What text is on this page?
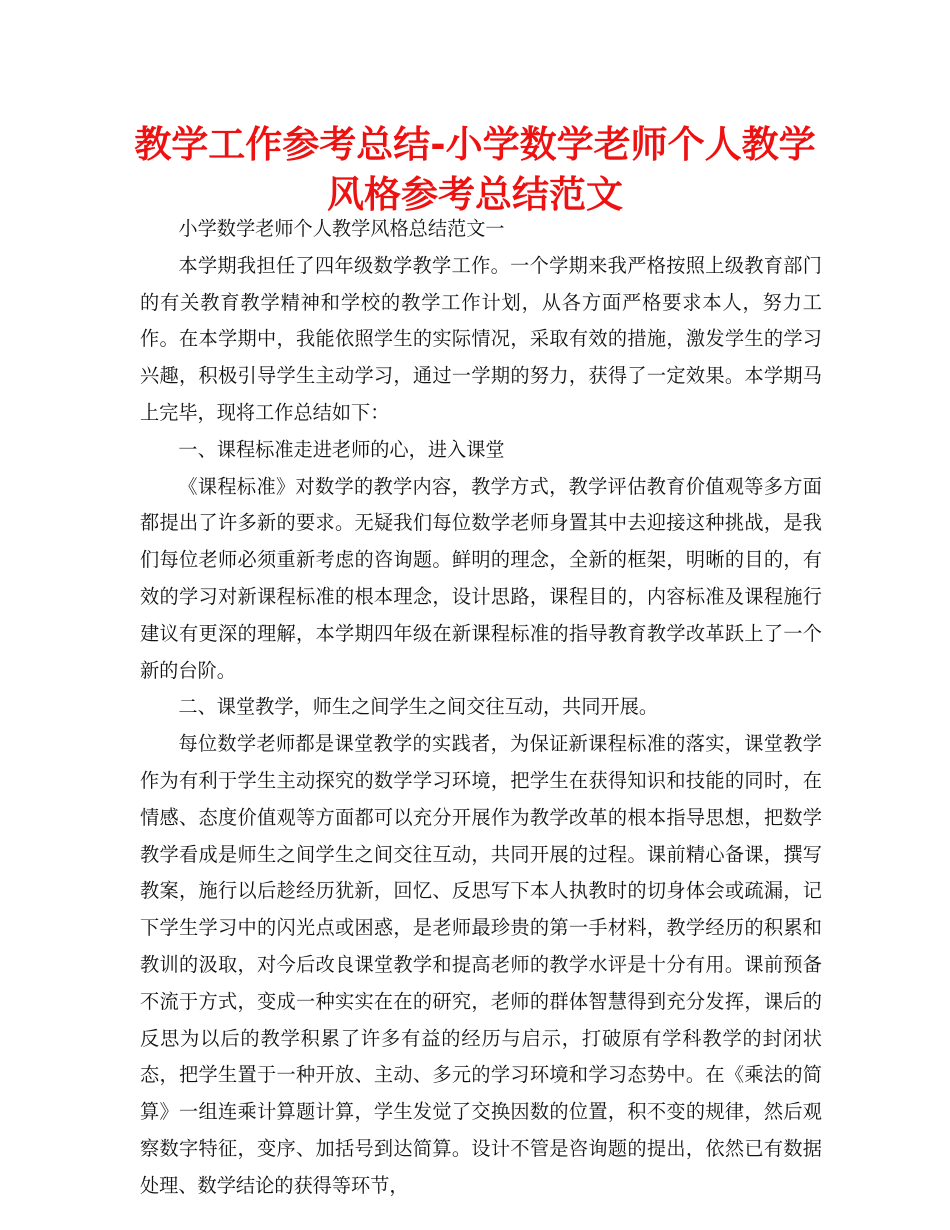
教学工作参考总结-小学数学老师个人教学风格参考总结范文

小学数学老师个人教学风格总结范文一

本学期我担任了四年级数学教学工作。一个学期来我严格按照上级教育部门的有关教育教学精神和学校的教学工作计划，从各方面严格要求本人，努力工作。在本学期中，我能依照学生的实际情况，采取有效的措施，激发学生的学习兴趣，积极引导学生主动学习，通过一学期的努力，获得了一定效果。本学期马上完毕，现将工作总结如下：

一、课程标准走进老师的心，进入课堂

《课程标准》对数学的教学内容，教学方式，教学评估教育价值观等多方面都提出了许多新的要求。无疑我们每位数学老师身置其中去迎接这种挑战，是我们每位老师必须重新考虑的咨询题。鲜明的理念，全新的框架，明晰的目的，有效的学习对新课程标准的根本理念，设计思路，课程目的，内容标准及课程施行建议有更深的理解，本学期四年级在新课程标准的指导教育教学改革跃上了一个新的台阶。

二、课堂教学，师生之间学生之间交往互动，共同开展。

每位数学老师都是课堂教学的实践者，为保证新课程标准的落实，课堂教学作为有利于学生主动探究的数学学习环境，把学生在获得知识和技能的同时，在情感、态度价值观等方面都可以充分开展作为教学改革的根本指导思想，把数学教学看成是师生之间学生之间交往互动，共同开展的过程。课前精心备课，撰写教案，施行以后趁经历犹新，回忆、反思写下本人执教时的切身体会或疏漏，记下学生学习中的闪光点或困惑，是老师最珍贵的第一手材料，教学经历的积累和教训的汲取，对今后改良课堂教学和提高老师的教学水评是十分有用。课前预备不流于方式，变成一种实实在在的研究，老师的群体智慧得到充分发挥，课后的反思为以后的教学积累了许多有益的经历与启示，打破原有学科教学的封闭状态，把学生置于一种开放、主动、多元的学习环境和学习态势中。在《乘法的简算》一组连乘计算题计算，学生发觉了交换因数的位置，积不变的规律，然后观察数字特征，变序、加括号到达简算。设计不管是咨询题的提出，依然已有数据处理、数学结论的获得等环节，
